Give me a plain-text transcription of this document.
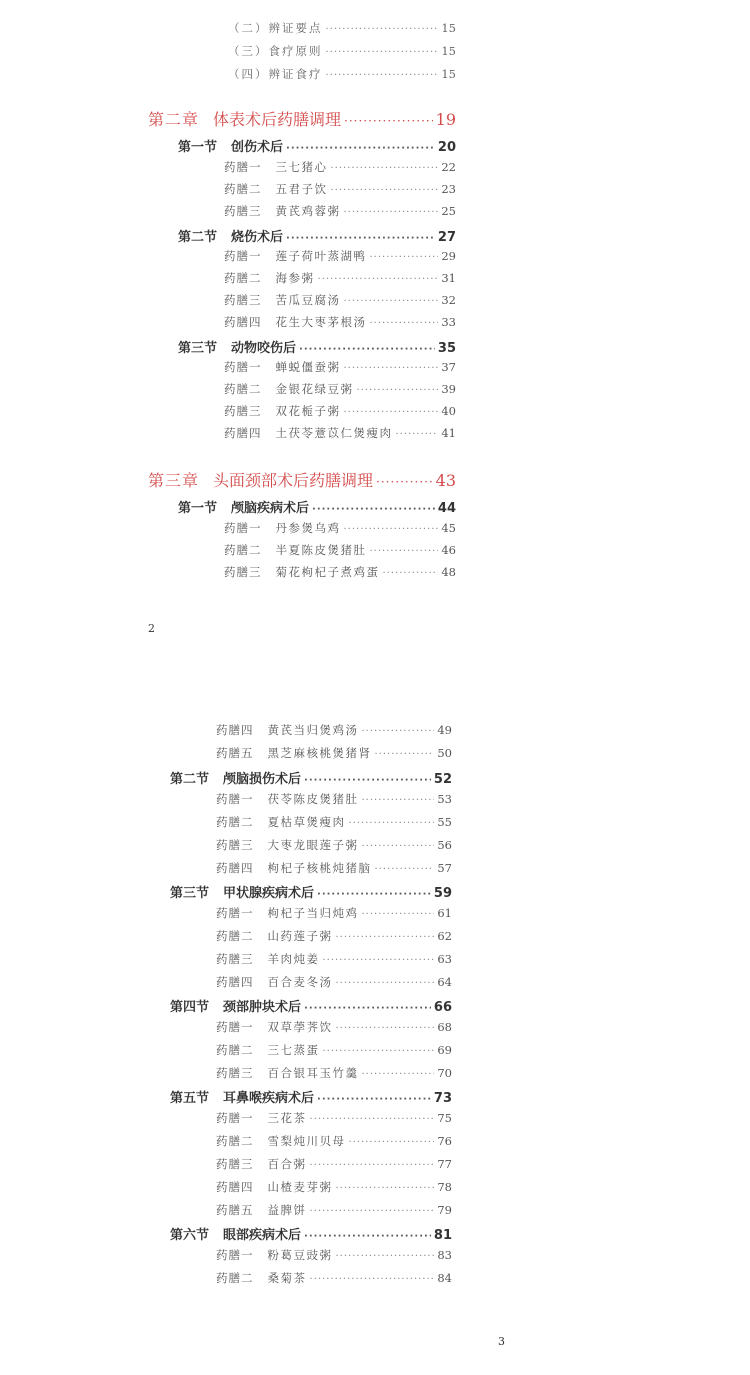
（二）辨证要点 ·····	15
（三）食疗原则 ·····	15
（四）辨证食疗 ·····	15
第二章 体表术后药膳调理 ·····	19
第一节 创伤术后 ·····	20
药膳一 三七猪心 ·····	22
药膳二 五君子饮 ·····	23
药膳三 黄芪鸡蓉粥 ·····	25
第二节 烧伤术后 ·····	27
药膳一 莲子荷叶蒸湖鸭 ·····	29
药膳二 海参粥 ·····	31
药膳三 苦瓜豆腐汤 ·····	32
药膳四 花生大枣茅根汤 ·····	33
第三节 动物咬伤后 ·····	35
药膳一 蝉蜕僵蚕粥 ·····	37
药膳二 金银花绿豆粥 ·····	39
药膳三 双花栀子粥 ·····	40
药膳四 土茯苓薏苡仁煲瘦肉 ·····	41
第三章 头面颈部术后药膳调理 ·····	43
第一节 颅脑疾病术后 ·····	44
药膳一 丹参煲乌鸡 ·····	45
药膳二 半夏陈皮煲猪肚 ·····	46
药膳三 菊花枸杞子煮鸡蛋 ·····	48
2
药膳四 黄芪当归煲鸡汤 ·····	49
药膳五 黑芝麻核桃煲猪肾 ·····	50
第二节 颅脑损伤术后 ·····	52
药膳一 茯苓陈皮煲猪肚 ·····	53
药膳二 夏枯草煲瘦肉 ·····	55
药膳三 大枣龙眼莲子粥 ·····	56
药膳四 枸杞子核桃炖猪脑 ·····	57
第三节 甲状腺疾病术后 ·····	59
药膳一 枸杞子当归炖鸡 ·····	61
药膳二 山药莲子粥 ·····	62
药膳三 羊肉炖姜 ·····	63
药膳四 百合麦冬汤 ·····	64
第四节 颈部肿块术后 ·····	66
药膳一 双草荸荠饮 ·····	68
药膳二 三七蒸蛋 ·····	69
药膳三 百合银耳玉竹羹 ·····	70
第五节 耳鼻喉疾病术后 ·····	73
药膳一 三花茶 ·····	75
药膳二 雪梨炖川贝母 ·····	76
药膳三 百合粥 ·····	77
药膳四 山楂麦芽粥 ·····	78
药膳五 益脾饼 ·····	79
第六节 眼部疾病术后 ·····	81
药膳一 粉葛豆豉粥 ·····	83
药膳二 桑菊茶 ·····	84
3
